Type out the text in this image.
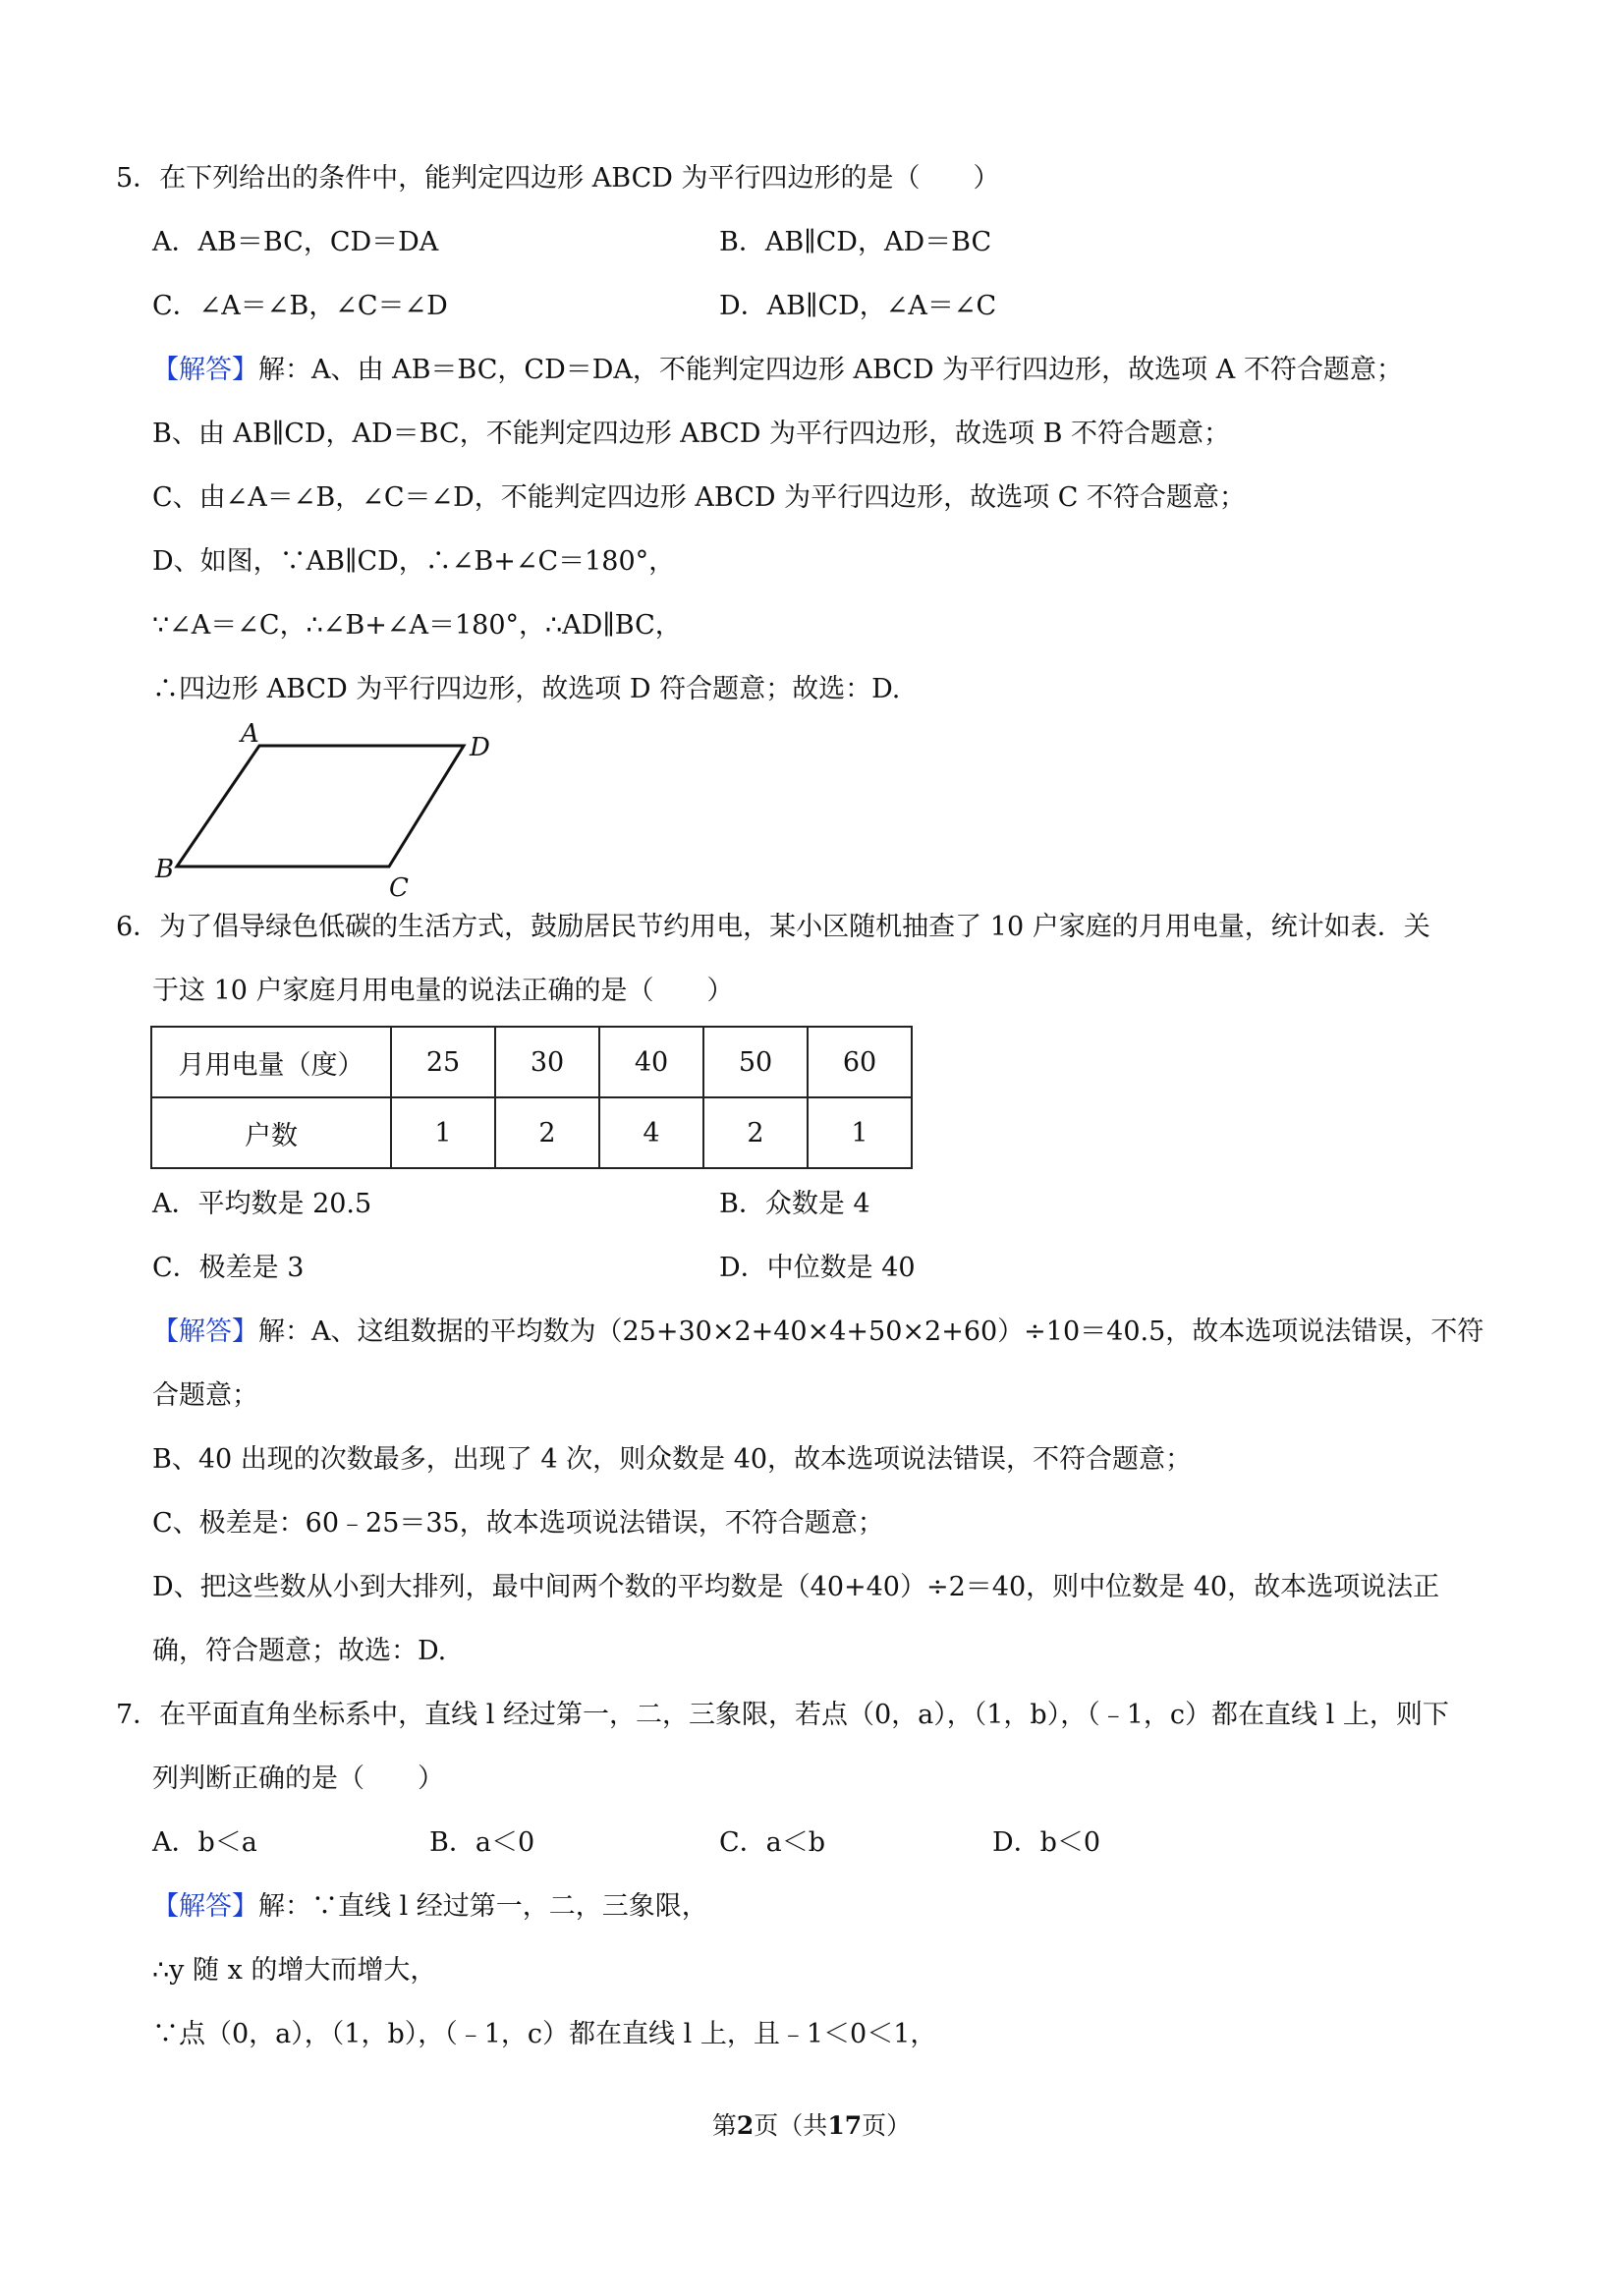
5．在下列给出的条件中，能判定四边形 ABCD 为平行四边形的是（　　）
A．AB＝BC，CD＝DA	B．AB∥CD，AD＝BC
C．∠A＝∠B，∠C＝∠D	D．AB∥CD，∠A＝∠C
【解答】解：A、由 AB＝BC，CD＝DA，不能判定四边形 ABCD 为平行四边形，故选项 A 不符合题意；
B、由 AB∥CD，AD＝BC，不能判定四边形 ABCD 为平行四边形，故选项 B 不符合题意；
C、由∠A＝∠B，∠C＝∠D，不能判定四边形 ABCD 为平行四边形，故选项 C 不符合题意；
D、如图，∵AB∥CD，∴∠B+∠C＝180°，
∵∠A＝∠C，∴∠B+∠A＝180°，∴AD∥BC，
∴四边形 ABCD 为平行四边形，故选项 D 符合题意；故选：D.
A	D
B
C
6．为了倡导绿色低碳的生活方式，鼓励居民节约用电，某小区随机抽查了 10 户家庭的月用电量，统计如表．关
于这 10 户家庭月用电量的说法正确的是（　　）
月用电量（度）	25	30	40	50	60
户数	1	2	4	2	1
A．平均数是 20.5	B．众数是 4
C．极差是 3	D．中位数是 40
【解答】解：A、这组数据的平均数为（25+30×2+40×4+50×2+60）÷10＝40.5，故本选项说法错误，不符
合题意；
B、40 出现的次数最多，出现了 4 次，则众数是 40，故本选项说法错误，不符合题意；
C、极差是：60﹣25＝35，故本选项说法错误，不符合题意；
D、把这些数从小到大排列，最中间两个数的平均数是（40+40）÷2＝40，则中位数是 40，故本选项说法正
确，符合题意；故选：D.
7．在平面直角坐标系中，直线 l 经过第一，二，三象限，若点（0，a），（1，b），（﹣1，c）都在直线 l 上，则下
列判断正确的是（　　）
A．b＜a	B．a＜0	C．a＜b	D．b＜0
【解答】解：∵直线 l 经过第一，二，三象限，
∴y 随 x 的增大而增大，
∵点（0，a），（1，b），（﹣1，c）都在直线 l 上，且﹣1＜0＜1，
第2页（共17页）
